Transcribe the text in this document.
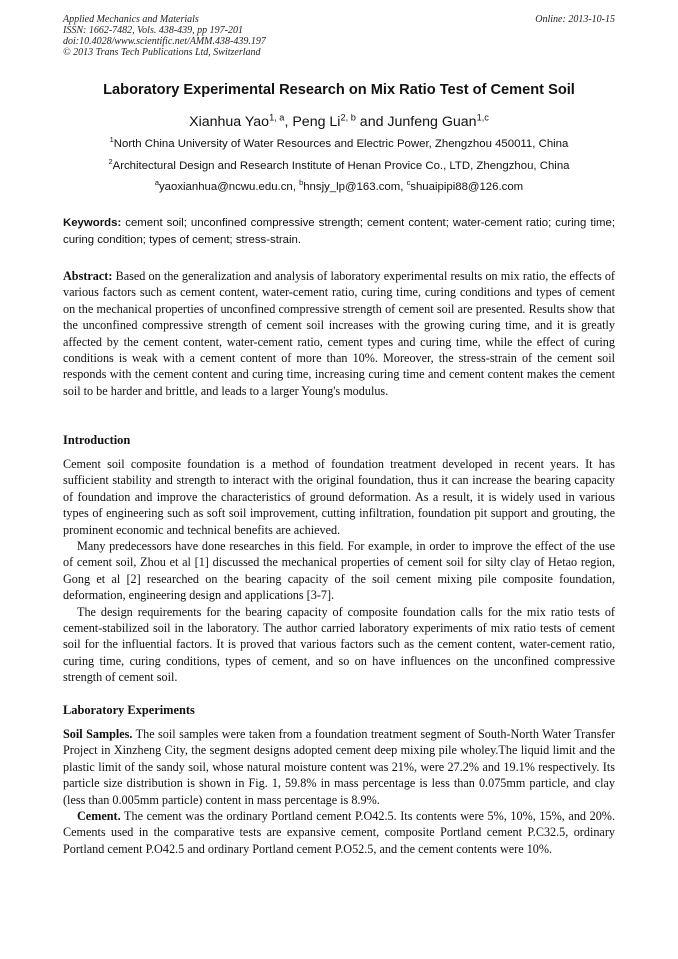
Applied Mechanics and Materials
ISSN: 1662-7482, Vols. 438-439, pp 197-201
doi:10.4028/www.scientific.net/AMM.438-439.197
© 2013 Trans Tech Publications Ltd, Switzerland
Online: 2013-10-15
Laboratory Experimental Research on Mix Ratio Test of Cement Soil
Xianhua Yao$^{1, a}$, Peng Li$^{2, b}$ and Junfeng Guan$^{1,c}$
$^1$North China University of Water Resources and Electric Power, Zhengzhou 450011, China
$^2$Architectural Design and Research Institute of Henan Provice Co., LTD, Zhengzhou, China
$^a$yaoxianhua@ncwu.edu.cn, $^b$hnsjy_lp@163.com, $^c$shuaipipi88@126.com
Keywords: cement soil; unconfined compressive strength; cement content; water-cement ratio; curing time; curing condition; types of cement; stress-strain.

Abstract: Based on the generalization and analysis of laboratory experimental results on mix ratio, the effects of various factors such as cement content, water-cement ratio, curing time, curing conditions and types of cement on the mechanical properties of unconfined compressive strength of cement soil are presented. Results show that the unconfined compressive strength of cement soil increases with the growing curing time, and it is greatly affected by the cement content, water-cement ratio, cement types and curing time, while the effect of curing conditions is weak with a cement content of more than 10%. Moreover, the stress-strain of the cement soil responds with the cement content and curing time, increasing curing time and cement content makes the cement soil to be harder and brittle, and leads to a larger Young's modulus.

Introduction

Cement soil composite foundation is a method of foundation treatment developed in recent years. It has sufficient stability and strength to interact with the original foundation, thus it can increase the bearing capacity of foundation and improve the characteristics of ground deformation. As a result, it is widely used in various types of engineering such as soft soil improvement, cutting infiltration, foundation pit support and grouting, the prominent economic and technical benefits are achieved.

Many predecessors have done researches in this field. For example, in order to improve the effect of the use of cement soil, Zhou et al [1] discussed the mechanical properties of cement soil for silty clay of Hetao region, Gong et al [2] researched on the bearing capacity of the soil cement mixing pile composite foundation, deformation, engineering design and applications [3-7].

The design requirements for the bearing capacity of composite foundation calls for the mix ratio tests of cement-stabilized soil in the laboratory. The author carried laboratory experiments of mix ratio tests of cement soil for the influential factors. It is proved that various factors such as the cement content, water-cement ratio, curing time, curing conditions, types of cement, and so on have influences on the unconfined compressive strength of cement soil.

Laboratory Experiments

Soil Samples. The soil samples were taken from a foundation treatment segment of South-North Water Transfer Project in Xinzheng City, the segment designs adopted cement deep mixing pile wholey.The liquid limit and the plastic limit of the sandy soil, whose natural moisture content was 21%, were 27.2% and 19.1% respectively. Its particle size distribution is shown in Fig. 1, 59.8% in mass percentage is less than 0.075mm particle, and clay (less than 0.005mm particle) content in mass percentage is 8.9%.

Cement. The cement was the ordinary Portland cement P.O42.5. Its contents were 5%, 10%, 15%, and 20%. Cements used in the comparative tests are expansive cement, composite Portland cement P.C32.5, ordinary Portland cement P.O42.5 and ordinary Portland cement P.O52.5, and the cement contents were 10%.
